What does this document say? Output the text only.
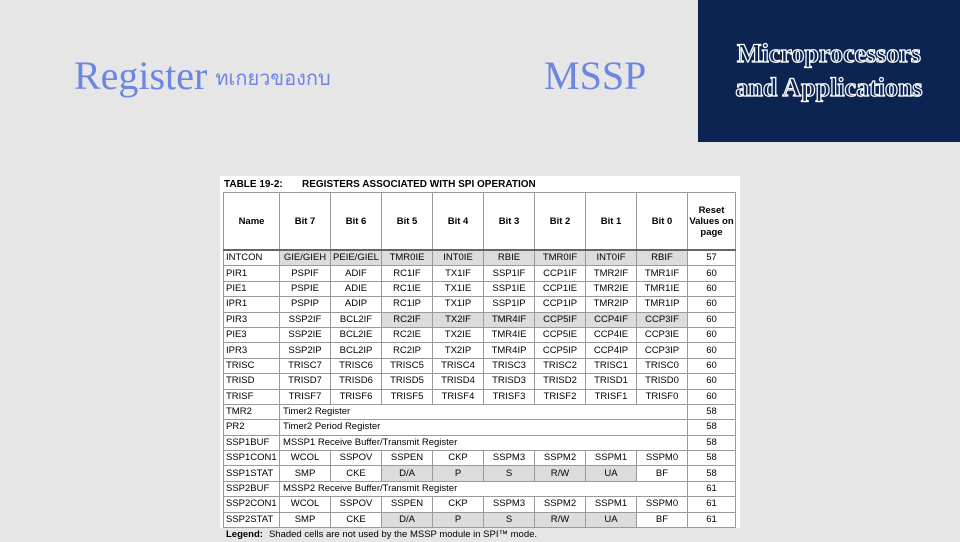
Register ทเกยวของกบ	MSSP	Microprocessors
and Applications
TABLE 19-2: REGISTERS ASSOCIATED WITH SPI OPERATION
Name	Bit 7	Bit 6	Bit 5	Bit 4	Bit 3	Bit 2	Bit 1	Bit 0	Reset Values on page
INTCON	GIE/GIEH	PEIE/GIEL	TMR0IE	INT0IE	RBIE	TMR0IF	INT0IF	RBIF	57
PIR1	PSPIF	ADIF	RC1IF	TX1IF	SSP1IF	CCP1IF	TMR2IF	TMR1IF	60
PIE1	PSPIE	ADIE	RC1IE	TX1IE	SSP1IE	CCP1IE	TMR2IE	TMR1IE	60
IPR1	PSPIP	ADIP	RC1IP	TX1IP	SSP1IP	CCP1IP	TMR2IP	TMR1IP	60
PIR3	SSP2IF	BCL2IF	RC2IF	TX2IF	TMR4IF	CCP5IF	CCP4IF	CCP3IF	60
PIE3	SSP2IE	BCL2IE	RC2IE	TX2IE	TMR4IE	CCP5IE	CCP4IE	CCP3IE	60
IPR3	SSP2IP	BCL2IP	RC2IP	TX2IP	TMR4IP	CCP5IP	CCP4IP	CCP3IP	60
TRISC	TRISC7	TRISC6	TRISC5	TRISC4	TRISC3	TRISC2	TRISC1	TRISC0	60
TRISD	TRISD7	TRISD6	TRISD5	TRISD4	TRISD3	TRISD2	TRISD1	TRISD0	60
TRISF	TRISF7	TRISF6	TRISF5	TRISF4	TRISF3	TRISF2	TRISF1	TRISF0	60
TMR2	Timer2 Register								58
PR2	Timer2 Period Register								58
SSP1BUF	MSSP1 Receive Buffer/Transmit Register								58
SSP1CON1	WCOL	SSPOV	SSPEN	CKP	SSPM3	SSPM2	SSPM1	SSPM0	58
SSP1STAT	SMP	CKE	D/A	P	S	R/W	UA	BF	58
SSP2BUF	MSSP2 Receive Buffer/Transmit Register								61
SSP2CON1	WCOL	SSPOV	SSPEN	CKP	SSPM3	SSPM2	SSPM1	SSPM0	61
SSP2STAT	SMP	CKE	D/A	P	S	R/W	UA	BF	61
Legend: Shaded cells are not used by the MSSP module in SPI™ mode.
